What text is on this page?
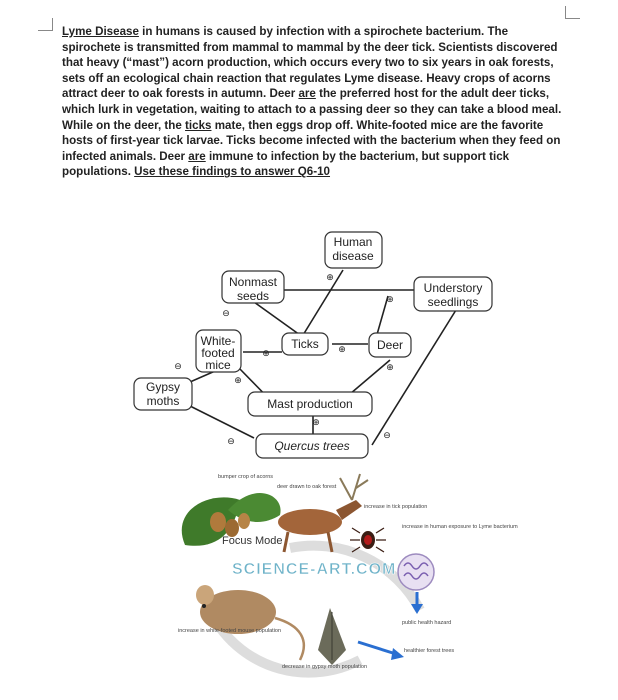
Lyme Disease in humans is caused by infection with a spirochete bacterium. The spirochete is transmitted from mammal to mammal by the deer tick. Scientists discovered that heavy (“mast”) acorn production, which occurs every two to six years in oak forests, sets off an ecological chain reaction that regulates Lyme disease. Heavy crops of acorns attract deer to oak forests in autumn. Deer are the preferred host for the adult deer ticks, which lurk in vegetation, waiting to attach to a passing deer so they can take a blood meal. While on the deer, the ticks mate, then eggs drop off. White-footed mice are the favorite hosts of first-year tick larvae. Ticks become infected with the bacterium when they feed on infected animals. Deer are immune to infection by the bacterium, but support tick populations. Use these findings to answer Q6-10
Human disease
Nonmast seeds
Understory seedlings
White-footed mice
Ticks	Deer
Gypsy moths	Mast production
Quercus trees
⊕
⊖
⊕
⊕	⊕
⊕
⊕
⊖
⊕
⊖
⊖
bumper crop of acorns
deer drawn to oak forest
increase in tick population
increase in human exposure to Lyme bacterium
public health hazard
healthier forest trees
decrease in gypsy moth population
increase in white-footed mouse population
Focus Mode
SCIENCE-ART.COM
